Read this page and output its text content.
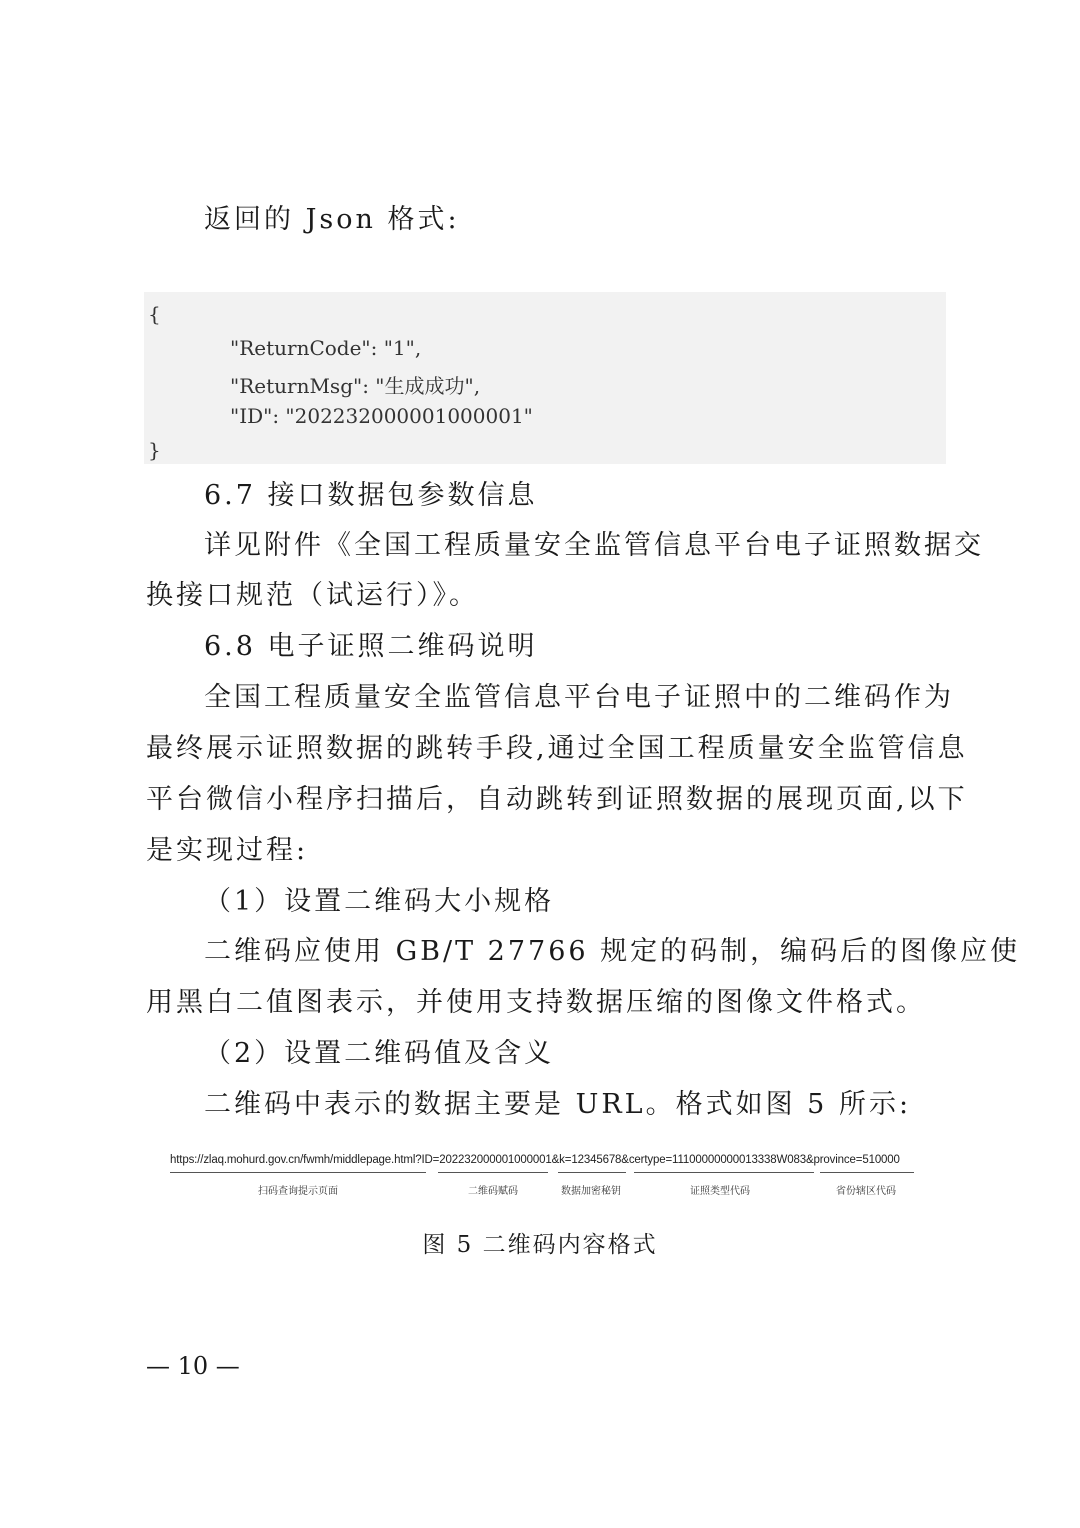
返回的 Json 格式:

{
"ReturnCode": "1",
"ReturnMsg": "生成成功",
"ID": "202232000001000001"
}

6.7 接口数据包参数信息

详见附件《全国工程质量安全监管信息平台电子证照数据交

换接口规范（试运行）》。

6.8 电子证照二维码说明

全国工程质量安全监管信息平台电子证照中的二维码作为

最终展示证照数据的跳转手段,通过全国工程质量安全监管信息

平台微信小程序扫描后，自动跳转到证照数据的展现页面,以下

是实现过程:

（1）设置二维码大小规格

二维码应使用 GB/T 27766 规定的码制，编码后的图像应使

用黑白二值图表示，并使用支持数据压缩的图像文件格式。

（2）设置二维码值及含义

二维码中表示的数据主要是 URL。格式如图 5 所示:

https://zlaq.mohurd.gov.cn/fwmh/middlepage.html?ID=202232000001000001&k=12345678&certype=11100000000013338W083&province=510000
扫码查询提示页面	二维码赋码	数据加密秘钥	证照类型代码	省份辖区代码
图 5 二维码内容格式
— 10 —
